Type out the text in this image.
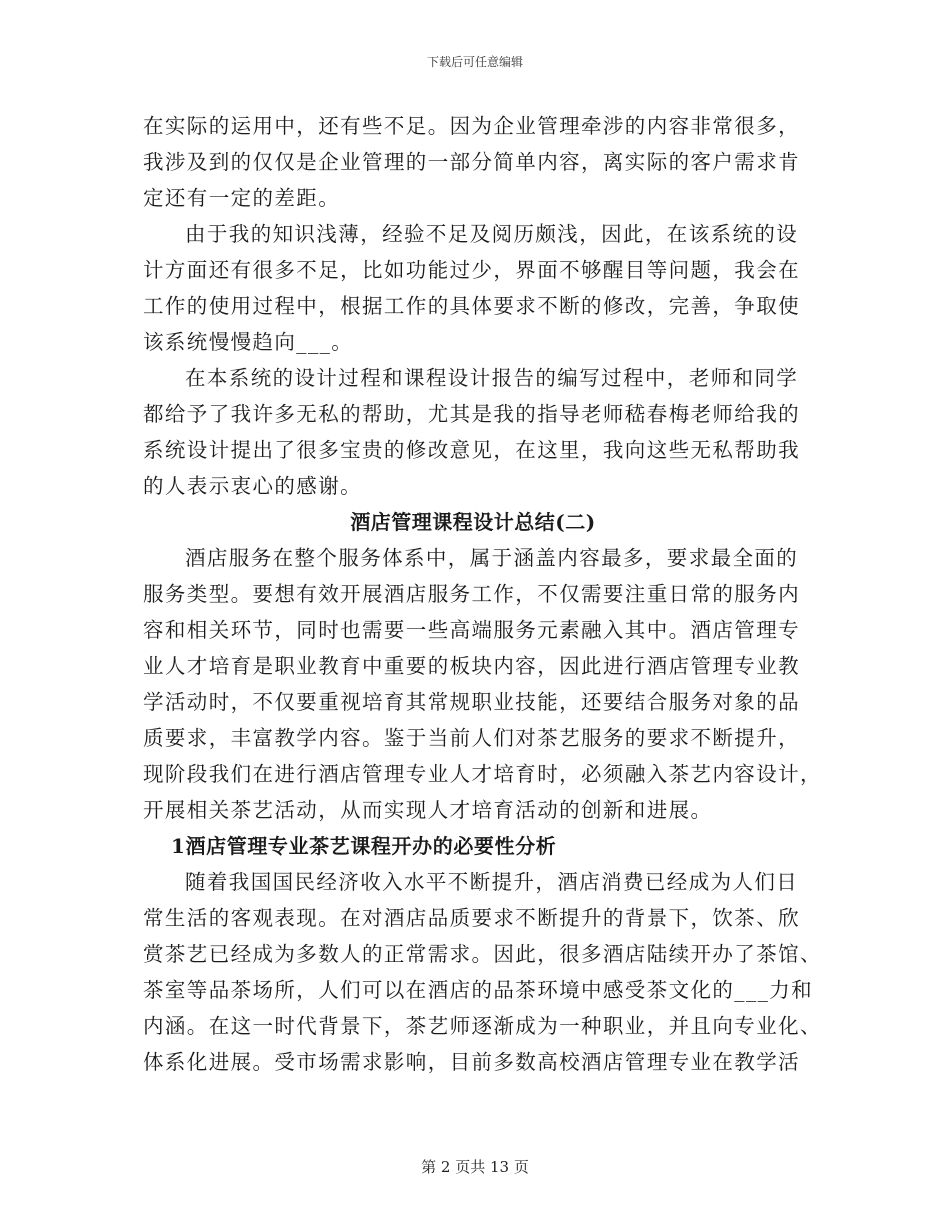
下载后可任意编辑
在实际的运用中，还有些不足。因为企业管理牵涉的内容非常很多，
我涉及到的仅仅是企业管理的一部分简单内容，离实际的客户需求肯
定还有一定的差距。
由于我的知识浅薄，经验不足及阅历颇浅，因此，在该系统的设
计方面还有很多不足，比如功能过少，界面不够醒目等问题，我会在
工作的使用过程中，根据工作的具体要求不断的修改，完善，争取使
该系统慢慢趋向___。
在本系统的设计过程和课程设计报告的编写过程中，老师和同学
都给予了我许多无私的帮助，尤其是我的指导老师嵇春梅老师给我的
系统设计提出了很多宝贵的修改意见，在这里，我向这些无私帮助我
的人表示衷心的感谢。
酒店管理课程设计总结(二)
酒店服务在整个服务体系中，属于涵盖内容最多，要求最全面的
服务类型。要想有效开展酒店服务工作，不仅需要注重日常的服务内
容和相关环节，同时也需要一些高端服务元素融入其中。酒店管理专
业人才培育是职业教育中重要的板块内容，因此进行酒店管理专业教
学活动时，不仅要重视培育其常规职业技能，还要结合服务对象的品
质要求，丰富教学内容。鉴于当前人们对茶艺服务的要求不断提升，
现阶段我们在进行酒店管理专业人才培育时，必须融入茶艺内容设计，
开展相关茶艺活动，从而实现人才培育活动的创新和进展。
1酒店管理专业茶艺课程开办的必要性分析
随着我国国民经济收入水平不断提升，酒店消费已经成为人们日
常生活的客观表现。在对酒店品质要求不断提升的背景下，饮茶、欣
赏茶艺已经成为多数人的正常需求。因此，很多酒店陆续开办了茶馆、
茶室等品茶场所，人们可以在酒店的品茶环境中感受茶文化的___力和
内涵。在这一时代背景下，茶艺师逐渐成为一种职业，并且向专业化、
体系化进展。受市场需求影响，目前多数高校酒店管理专业在教学活
第 2 页共 13 页
